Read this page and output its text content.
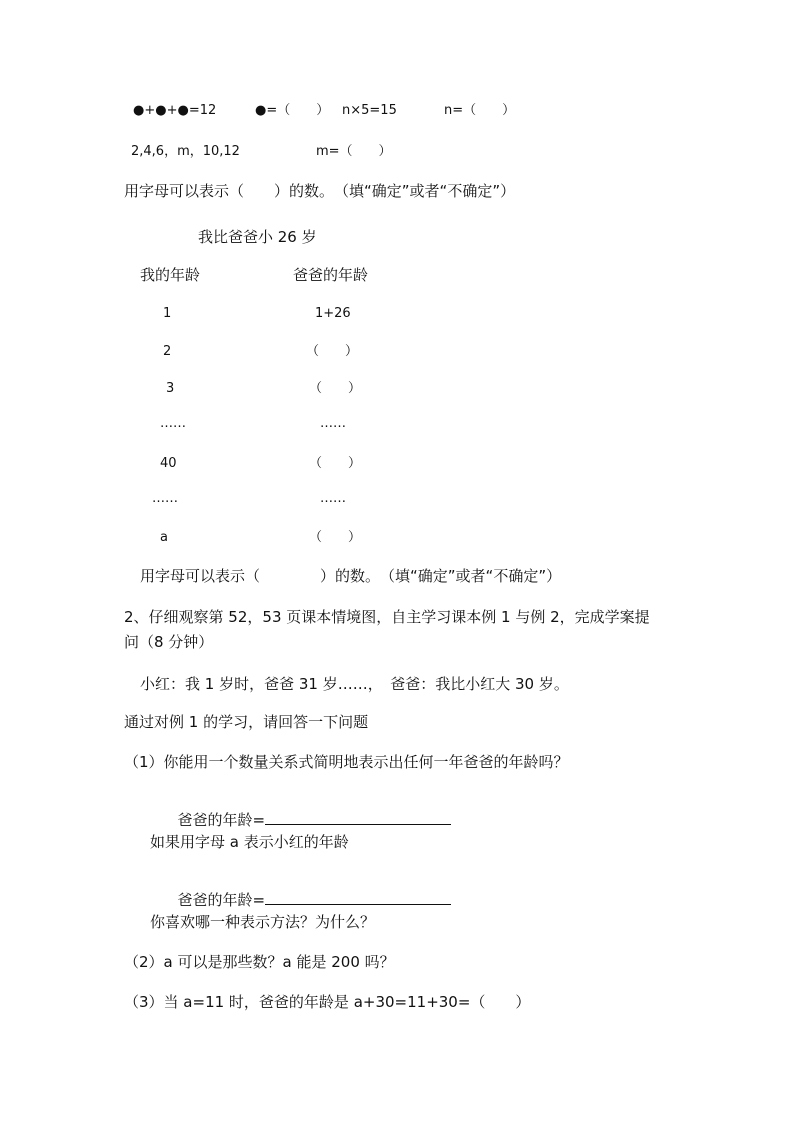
●+●+●=12	●=（　　） n×5=15	n=（　　）
2,4,6，m，10,12	m=（　　）
用字母可以表示（　　）的数。　（填“确定”或者“不确定”）
我比爸爸小 26 岁
我的年龄	爸爸的年龄
1	1+26
2	（　　）
3	（　　）
……	……
40	（　　）
……	……
a	（　　）
用字母可以表示（　　　　）的数。　（填“确定”或者“不确定”）
2、仔细观察第 52，53 页课本情境图，自主学习课本例 1 与例 2，完成学案提
问（8 分钟）
小红：我 1 岁时，爸爸 31 岁……，　爸爸：我比小红大 30 岁。
通过对例 1 的学习，请回答一下问题
（1）你能用一个数量关系式简明地表示出任何一年爸爸的年龄吗？

爸爸的年龄=

如果用字母 a 表示小红的年龄

爸爸的年龄=

你喜欢哪一种表示方法？为什么？
（2）a 可以是那些数？a 能是 200 吗？
（3）当 a=11 时，爸爸的年龄是 a+30=11+30=（　　）
